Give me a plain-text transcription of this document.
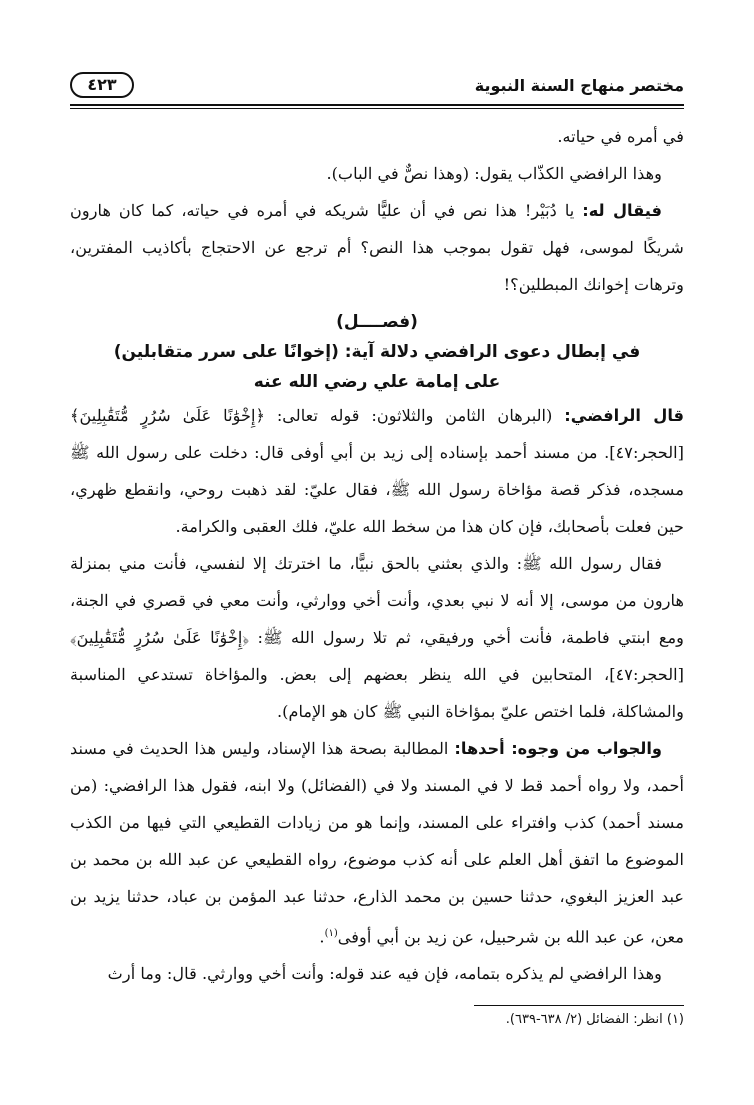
مختصر منهاج السنة النبوية
٤٢٣

في أمره في حياته.

وهذا الرافضي الكذّاب يقول: (وهذا نصٌّ في الباب).

فيقال له: يا دُبَيْر! هذا نص في أن عليًّا شريكه في أمره في حياته، كما كان هارون شريكًا لموسى، فهل تقول بموجب هذا النص؟ أم ترجع عن الاحتجاج بأكاذيب المفترين، وترهات إخوانك المبطلين؟!

(فصــــل)
في إبطال دعوى الرافضي دلالة آية: (إخوانًا على سرر متقابلين)
على إمامة علي رضي الله عنه

قال الرافضي: (البرهان الثامن والثلاثون: قوله تعالى: ﴿إِخْوَٰنًا عَلَىٰ سُرُرٍ مُّتَقَٰبِلِينَ﴾ [الحجر:٤٧]. من مسند أحمد بإسناده إلى زيد بن أبي أوفى قال: دخلت على رسول الله ﷺ مسجده، فذكر قصة مؤاخاة رسول الله ﷺ، فقال عليّ: لقد ذهبت روحي، وانقطع ظهري، حين فعلت بأصحابك، فإن كان هذا من سخط الله عليّ، فلك العقبى والكرامة.

فقال رسول الله ﷺ: والذي بعثني بالحق نبيًّا، ما اخترتك إلا لنفسي، فأنت مني بمنزلة هارون من موسى، إلا أنه لا نبي بعدي، وأنت أخي ووارثي، وأنت معي في قصري في الجنة، ومع ابنتي فاطمة، فأنت أخي ورفيقي، ثم تلا رسول الله ﷺ: ﴿إِخْوَٰنًا عَلَىٰ سُرُرٍ مُّتَقَٰبِلِينَ﴾ [الحجر:٤٧]، المتحابين في الله ينظر بعضهم إلى بعض. والمؤاخاة تستدعي المناسبة والمشاكلة، فلما اختص عليّ بمؤاخاة النبي ﷺ كان هو الإمام).

والجواب من وجوه: أحدها: المطالبة بصحة هذا الإسناد، وليس هذا الحديث في مسند أحمد، ولا رواه أحمد قط لا في المسند ولا في (الفضائل) ولا ابنه، فقول هذا الرافضي: (من مسند أحمد) كذب وافتراء على المسند، وإنما هو من زيادات القطيعي التي فيها من الكذب الموضوع ما اتفق أهل العلم على أنه كذب موضوع، رواه القطيعي عن عبد الله بن محمد بن عبد العزيز البغوي، حدثنا حسين بن محمد الذارع، حدثنا عبد المؤمن بن عباد، حدثنا يزيد بن معن، عن عبد الله بن شرحبيل، عن زيد بن أبي أوفى$^{(١)}$.

وهذا الرافضي لم يذكره بتمامه، فإن فيه عند قوله: وأنت أخي ووارثي. قال: وما أرث

(١) انظر: الفضائل (٢/ ٦٣٨-٦٣٩).
